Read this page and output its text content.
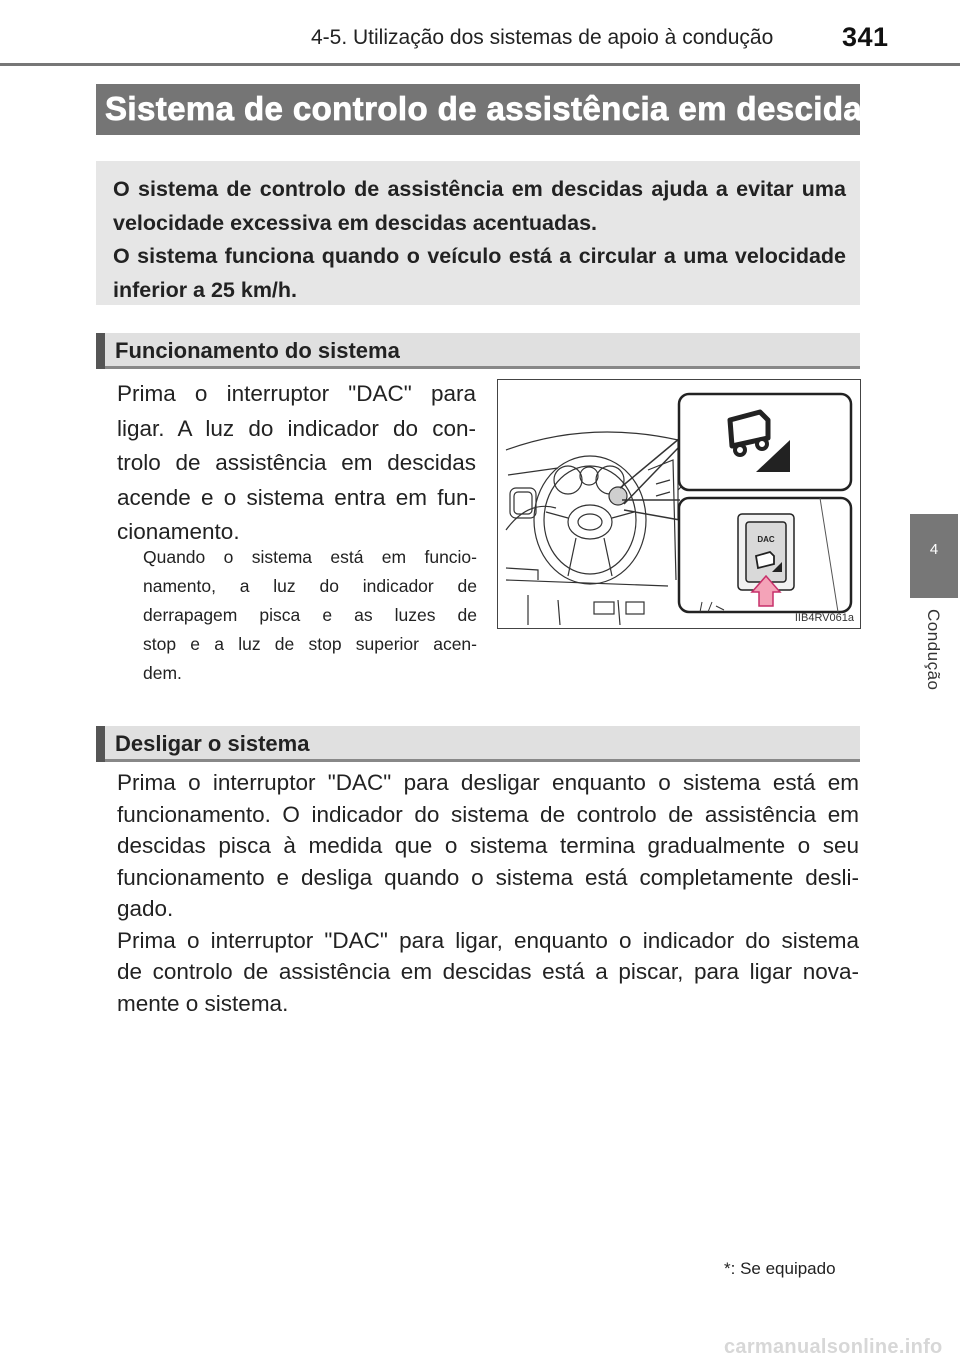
4-5. Utilização dos sistemas de apoio à condução	341
Sistema de controlo de assistência em descidas*

O sistema de controlo de assistência em descidas ajuda a evitar uma velocidade excessiva em descidas acentuadas.

O sistema funciona quando o veículo está a circular a uma velocidade inferior a 25 km/h.

Funcionamento do sistema
Prima o interruptor "DAC" para
ligar. A luz do indicador do con-
trolo de assistência em descidas
acende e o sistema entra em fun-
cionamento.
Quando o sistema está em funcio-
namento, a luz do indicador de
derrapagem pisca e as luzes de
stop e a luz de stop superior acen-
dem.
DAC
IIB4RV061a
Desligar o sistema
Prima o interruptor "DAC" para desligar enquanto o sistema está em
funcionamento. O indicador do sistema de controlo de assistência em
descidas pisca à medida que o sistema termina gradualmente o seu
funcionamento e desliga quando o sistema está completamente desli-
gado.
Prima o interruptor "DAC" para ligar, enquanto o indicador do sistema
de controlo de assistência em descidas está a piscar, para ligar nova-
mente o sistema.
*: Se equipado
4
Condução
carmanualsonline.info
